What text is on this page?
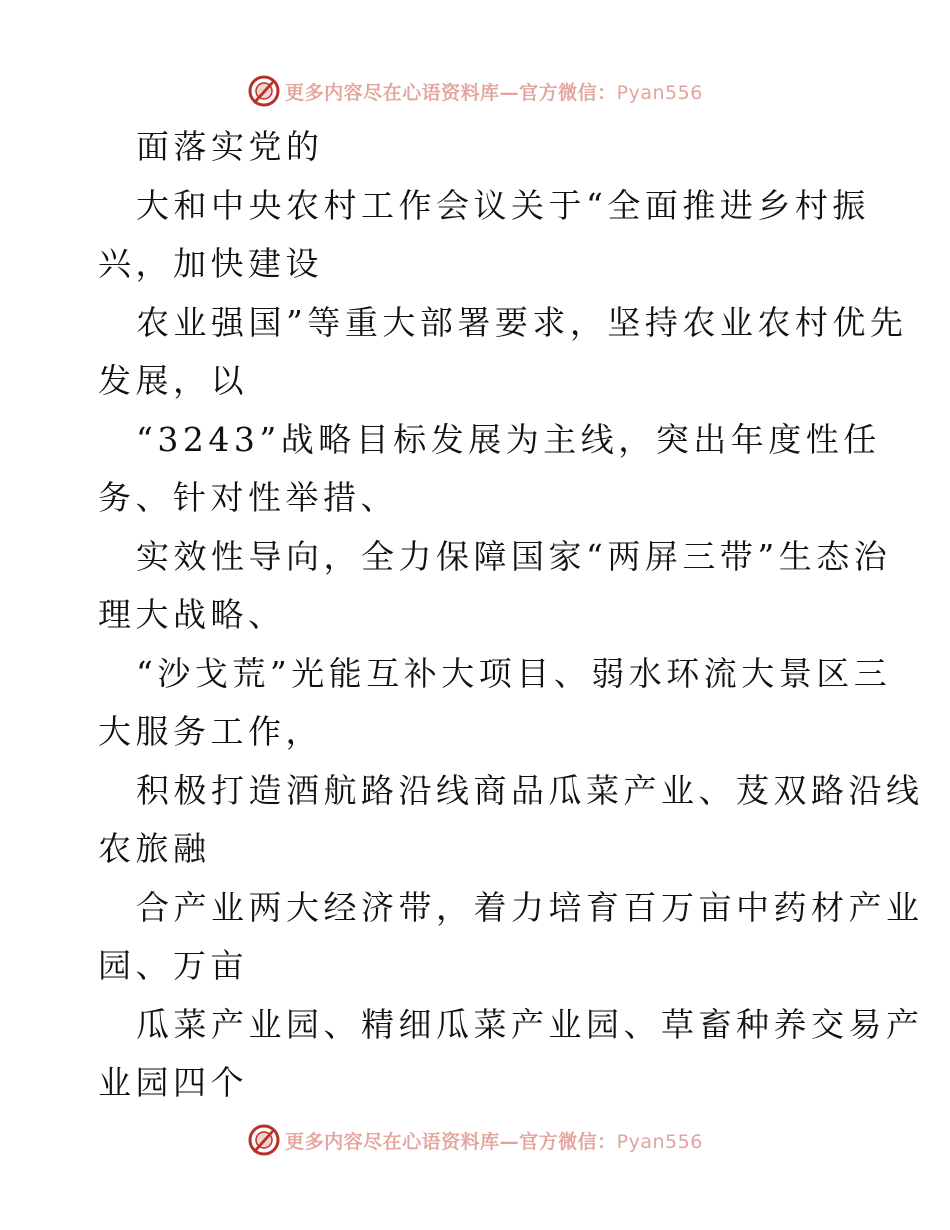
更多内容尽在心语资料库—官方微信：Pyan556

面落实党的

大和中央农村工作会议关于“全面推进乡村振

兴，加快建设

农业强国”等重大部署要求，坚持农业农村优先

发展，以

“3243”战略目标发展为主线，突出年度性任

务、针对性举措、

实效性导向，全力保障国家“两屏三带”生态治

理大战略、

“沙戈荒”光能互补大项目、弱水环流大景区三

大服务工作，

积极打造酒航路沿线商品瓜菜产业、芨双路沿线

农旅融

合产业两大经济带，着力培育百万亩中药材产业

园、万亩

瓜菜产业园、精细瓜菜产业园、草畜种养交易产

业园四个

更多内容尽在心语资料库—官方微信：Pyan556
